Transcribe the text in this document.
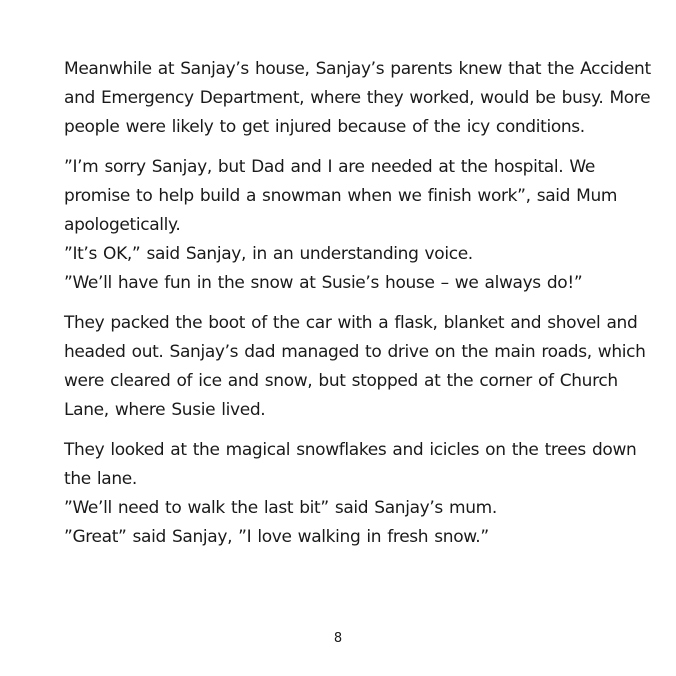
Meanwhile at Sanjay’s house, Sanjay’s parents knew that the Accident
and Emergency Department, where they worked, would be busy. More
people were likely to get injured because of the icy conditions.

”I’m sorry Sanjay, but Dad and I are needed at the hospital. We
promise to help build a snowman when we finish work”, said Mum
apologetically.
”It’s OK,” said Sanjay, in an understanding voice.
”We’ll have fun in the snow at Susie’s house – we always do!”

They packed the boot of the car with a flask, blanket and shovel and
headed out. Sanjay’s dad managed to drive on the main roads, which
were cleared of ice and snow, but stopped at the corner of Church
Lane, where Susie lived.

They looked at the magical snowflakes and icicles on the trees down
the lane.
”We’ll need to walk the last bit” said Sanjay’s mum.
”Great” said Sanjay, ”I love walking in fresh snow.”

8
